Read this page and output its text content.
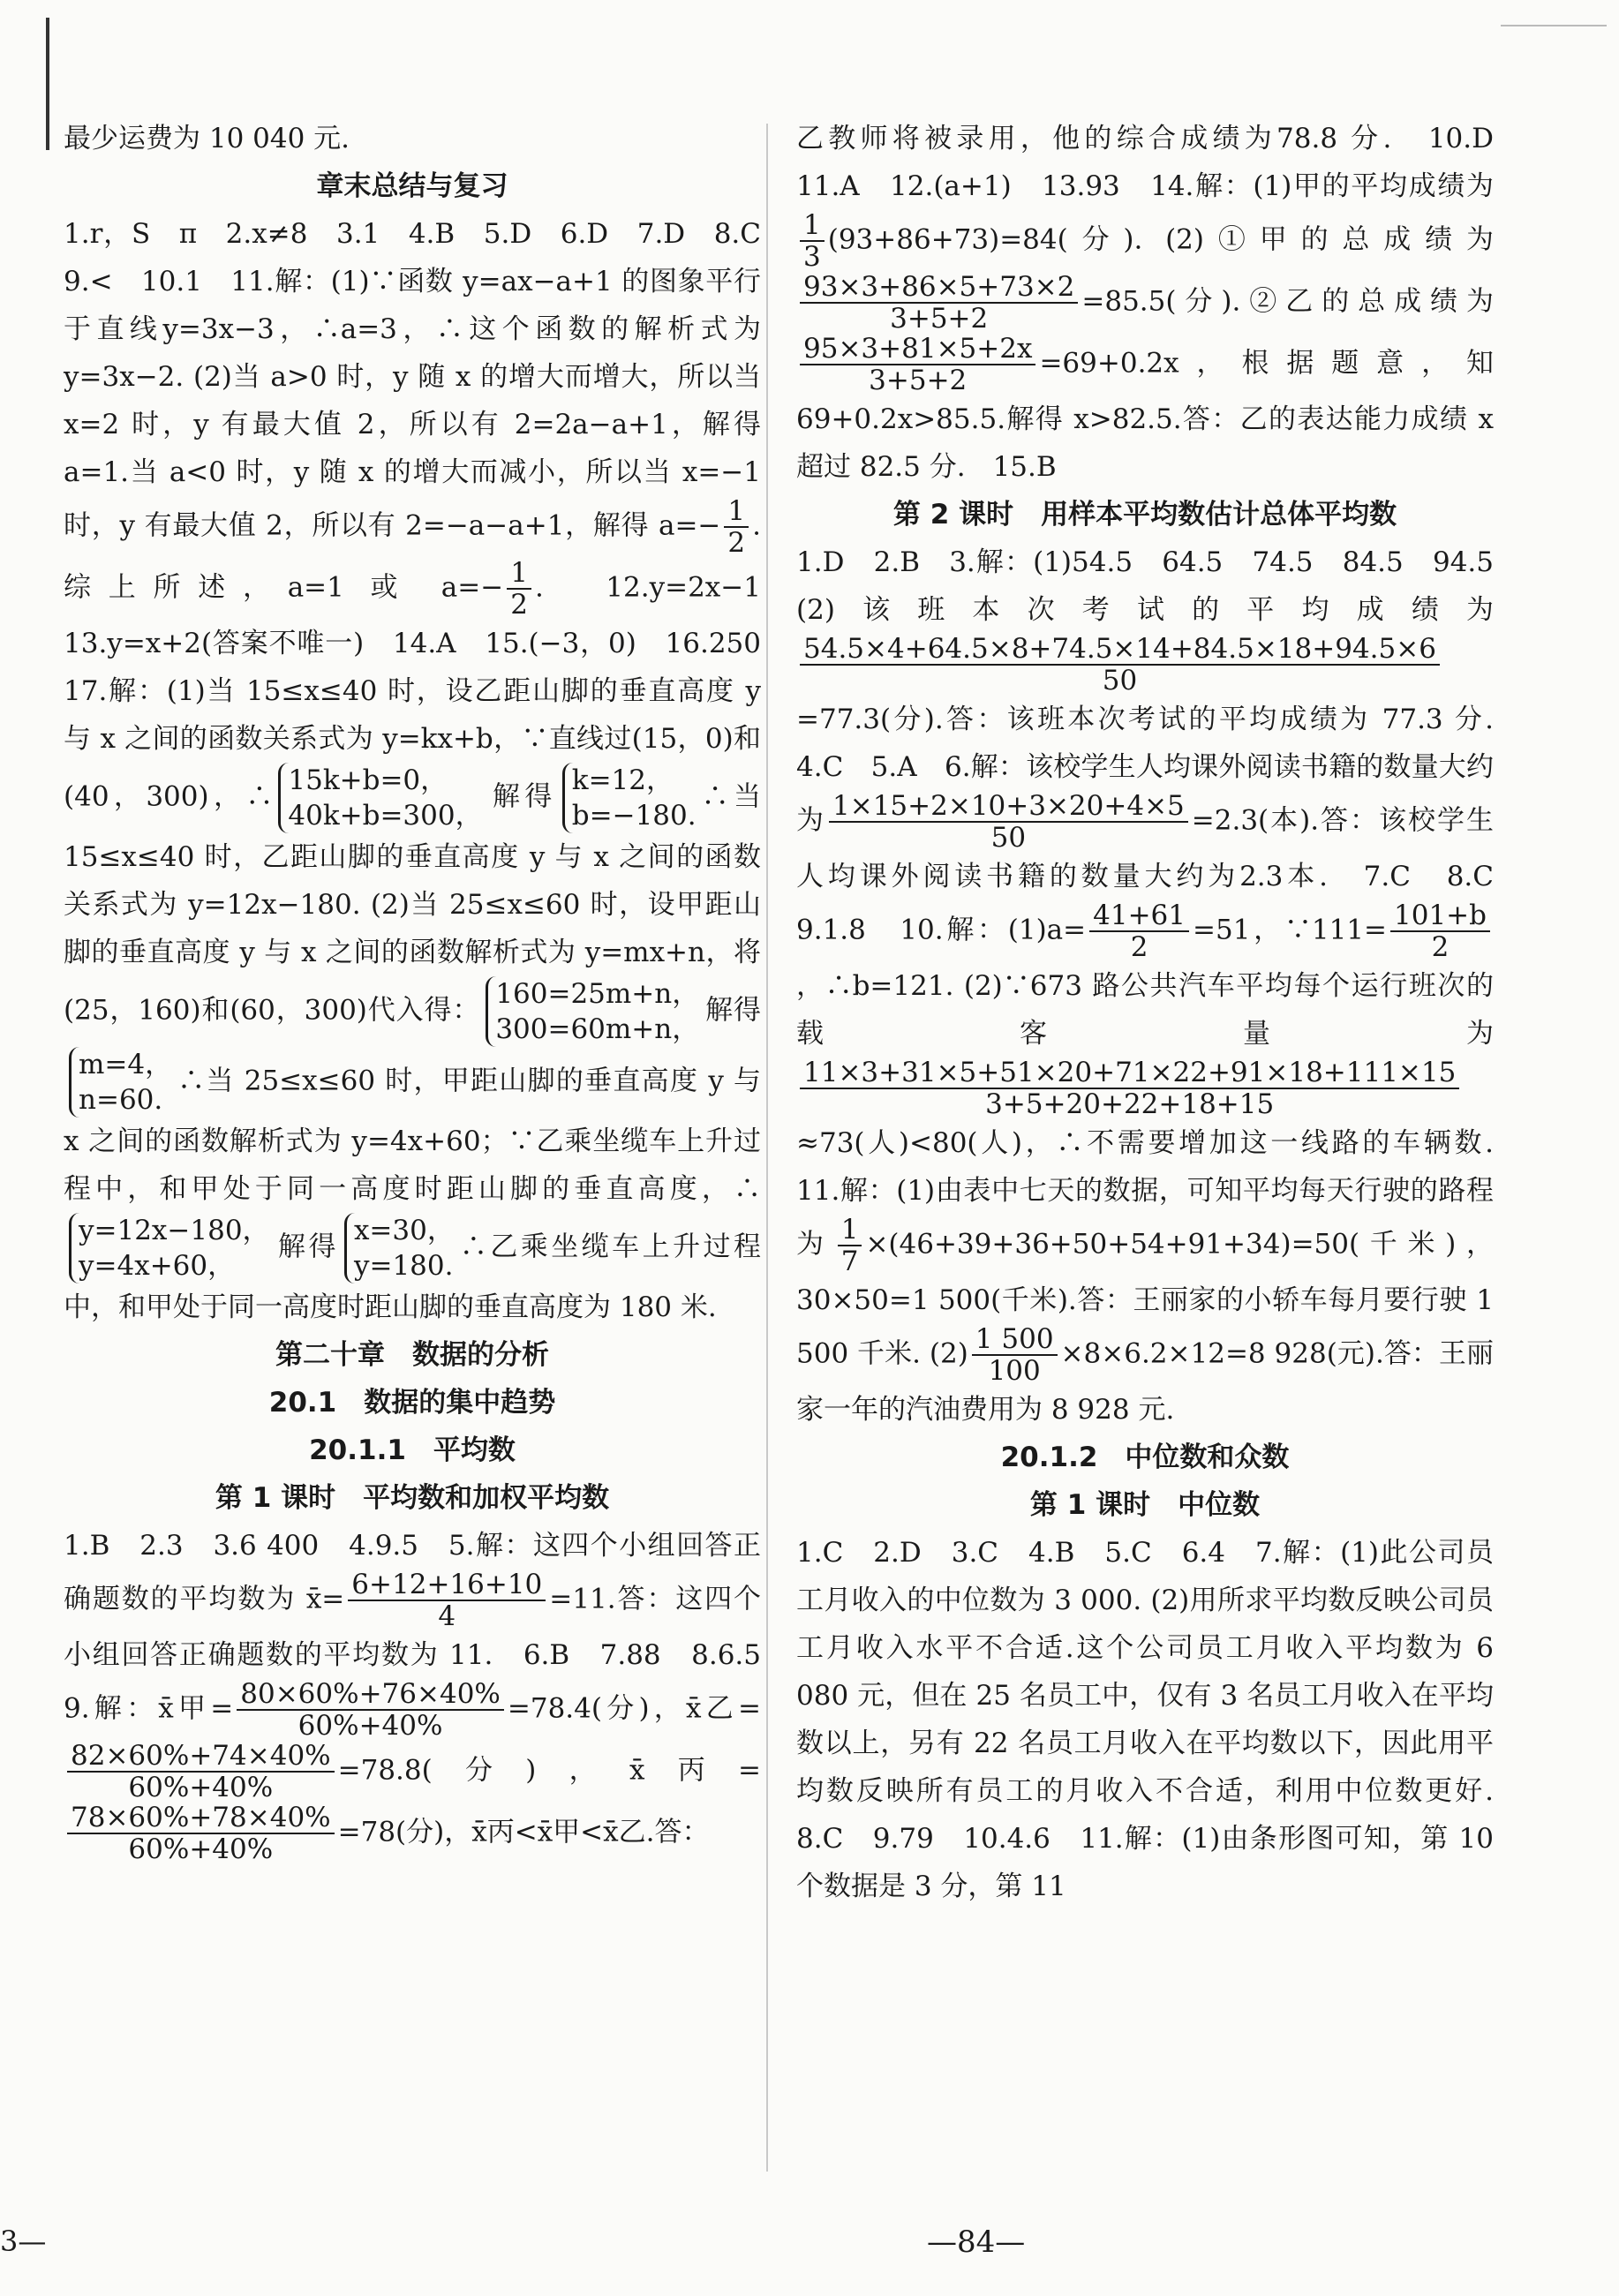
最少运费为 10 040 元.

章末总结与复习

1.r，S　π　2.x≠8　3.1　4.B　5.D　6.D　7.D　8.C　9.<　10.1　11.解：(1)∵函数 y=ax−a+1 的图象平行于直线y=3x−3，∴a=3，∴这个函数的解析式为 y=3x−2. (2)当 a>0 时，y 随 x 的增大而增大，所以当 x=2 时，y 有最大值 2，所以有 2=2a−a+1，解得 a=1.当 a<0 时，y 随 x 的增大而减小，所以当 x=−1 时，y 有最大值 2，所以有 2=−a−a+1，解得 $a=- \frac{1}{2}$ .综上所述，a=1 或 $a=- \frac{1}{2}$ .　12.y=2x−1　13.y=x+2(答案不唯一)　14.A　15.(−3，0)　16.250　17.解：(1)当 15≤x≤40 时，设乙距山脚的垂直高度 y 与 x 之间的函数关系式为 y=kx+b，∵直线过(15，0)和(40，300)，∴15k+b=0，
40k+b=300，解得k=12，
b=−180.∴当 15≤x≤40 时，乙距山脚的垂直高度 y 与 x 之间的函数关系式为 y=12x−180. (2)当 25≤x≤60 时，设甲距山脚的垂直高度 y 与 x 之间的函数解析式为 y=mx+n，将(25，160)和(60，300)代入得：160=25m+n，
300=60m+n，解得m=4，
n=60.∴当 25≤x≤60 时，甲距山脚的垂直高度 y 与 x 之间的函数解析式为 y=4x+60；∵乙乘坐缆车上升过程中，和甲处于同一高度时距山脚的垂直高度，∴y=12x−180，
y=4x+60，解得x=30，
y=180.∴乙乘坐缆车上升过程中，和甲处于同一高度时距山脚的垂直高度为 180 米.

第二十章　数据的分析

20.1　数据的集中趋势

20.1.1　平均数

第 1 课时　平均数和加权平均数

1.B　2.3　3.6 400　4.9.5　5.解：这四个小组回答正确题数的平均数为 x̄= $\frac{6+12+16+10}{4} =11$.答：这四个小组回答正确题数的平均数为 11.　6.B　7.88　8.6.5　9.解：x̄甲= $\frac{80\times 60\%+76\times 40\%}{60\%+40\%} =78.4$(分)，x̄乙=
$\frac{82\times 60\%+74\times 40\%}{60\%+40\%} =78.8$(分)，x̄丙=
$\frac{78\times 60\%+78\times 40\%}{60\%+40\%} =78$(分)，x̄丙<x̄甲<x̄乙.答：

乙教师将被录用，他的综合成绩为78.8 分.　10.D　11.A　12.(a+1)　13.93　14.解：(1)甲的平均成绩为
$\frac{1}{3} (93+86+73)=84$(分). (2)①甲的总成绩为
$\frac{93\times 3+86\times 5+73\times 2}{3+5+2} =85.5$(分).②乙的总成绩为
$\frac{95\times 3+81\times 5+2x}{3+5+2} =69+0.2x$，根据题意，知 69+0.2x>85.5.解得 x>82.5.答：乙的表达能力成绩 x 超过 82.5 分.　15.B

第 2 课时　用样本平均数估计总体平均数

1.D　2.B　3.解：(1)54.5　64.5　74.5　84.5　94.5　(2)该班本次考试的平均成绩为
$\frac{54.5\times 4+64.5\times 8+74.5\times 14+84.5\times 18+94.5\times 6}{50}$
=77.3(分).答：该班本次考试的平均成绩为 77.3 分.　4.C　5.A　6.解：该校学生人均课外阅读书籍的数量大约为 $\frac{1\times 15+2\times 10+3\times 20+4\times 5}{50} =2.3$(本).答：该校学生人均课外阅读书籍的数量大约为2.3本.　7.C　8.C　9.1.8　10.解：$(1)a= \frac{41+61}{2} =51$，∵111= $\frac{101+b}{2}$
，∴b=121. (2)∵673 路公共汽车平均每个运行班次的载客量为
$\frac{11\times 3+31\times 5+51\times 20+71\times 22+91\times 18+111\times 15}{3+5+20+22+18+15}$
≈73(人)<80(人)，∴不需要增加这一线路的车辆数.　11.解：(1)由表中七天的数据，可知平均每天行驶的路程为 $\frac{1}{7} \times(46+39+36+50+54+91+34)=50$(千米)，30×50=1 500(千米).答：王丽家的小轿车每月要行驶 1 500 千米. $(2) \frac{1 500}{100} \times 8\times 6.2\times 12=8$ 928(元).答：王丽家一年的汽油费用为 8 928 元.

20.1.2　中位数和众数

第 1 课时　中位数

1.C　2.D　3.C　4.B　5.C　6.4　7.解：(1)此公司员工月收入的中位数为 3 000. (2)用所求平均数反映公司员工月收入水平不合适.这个公司员工月收入平均数为 6 080 元，但在 25 名员工中，仅有 3 名员工月收入在平均数以上，另有 22 名员工月收入在平均数以下，因此用平均数反映所有员工的月收入不合适，利用中位数更好.　8.C　9.79　10.4.6　11.解：(1)由条形图可知，第 10 个数据是 3 分，第 11

3—	—84—
